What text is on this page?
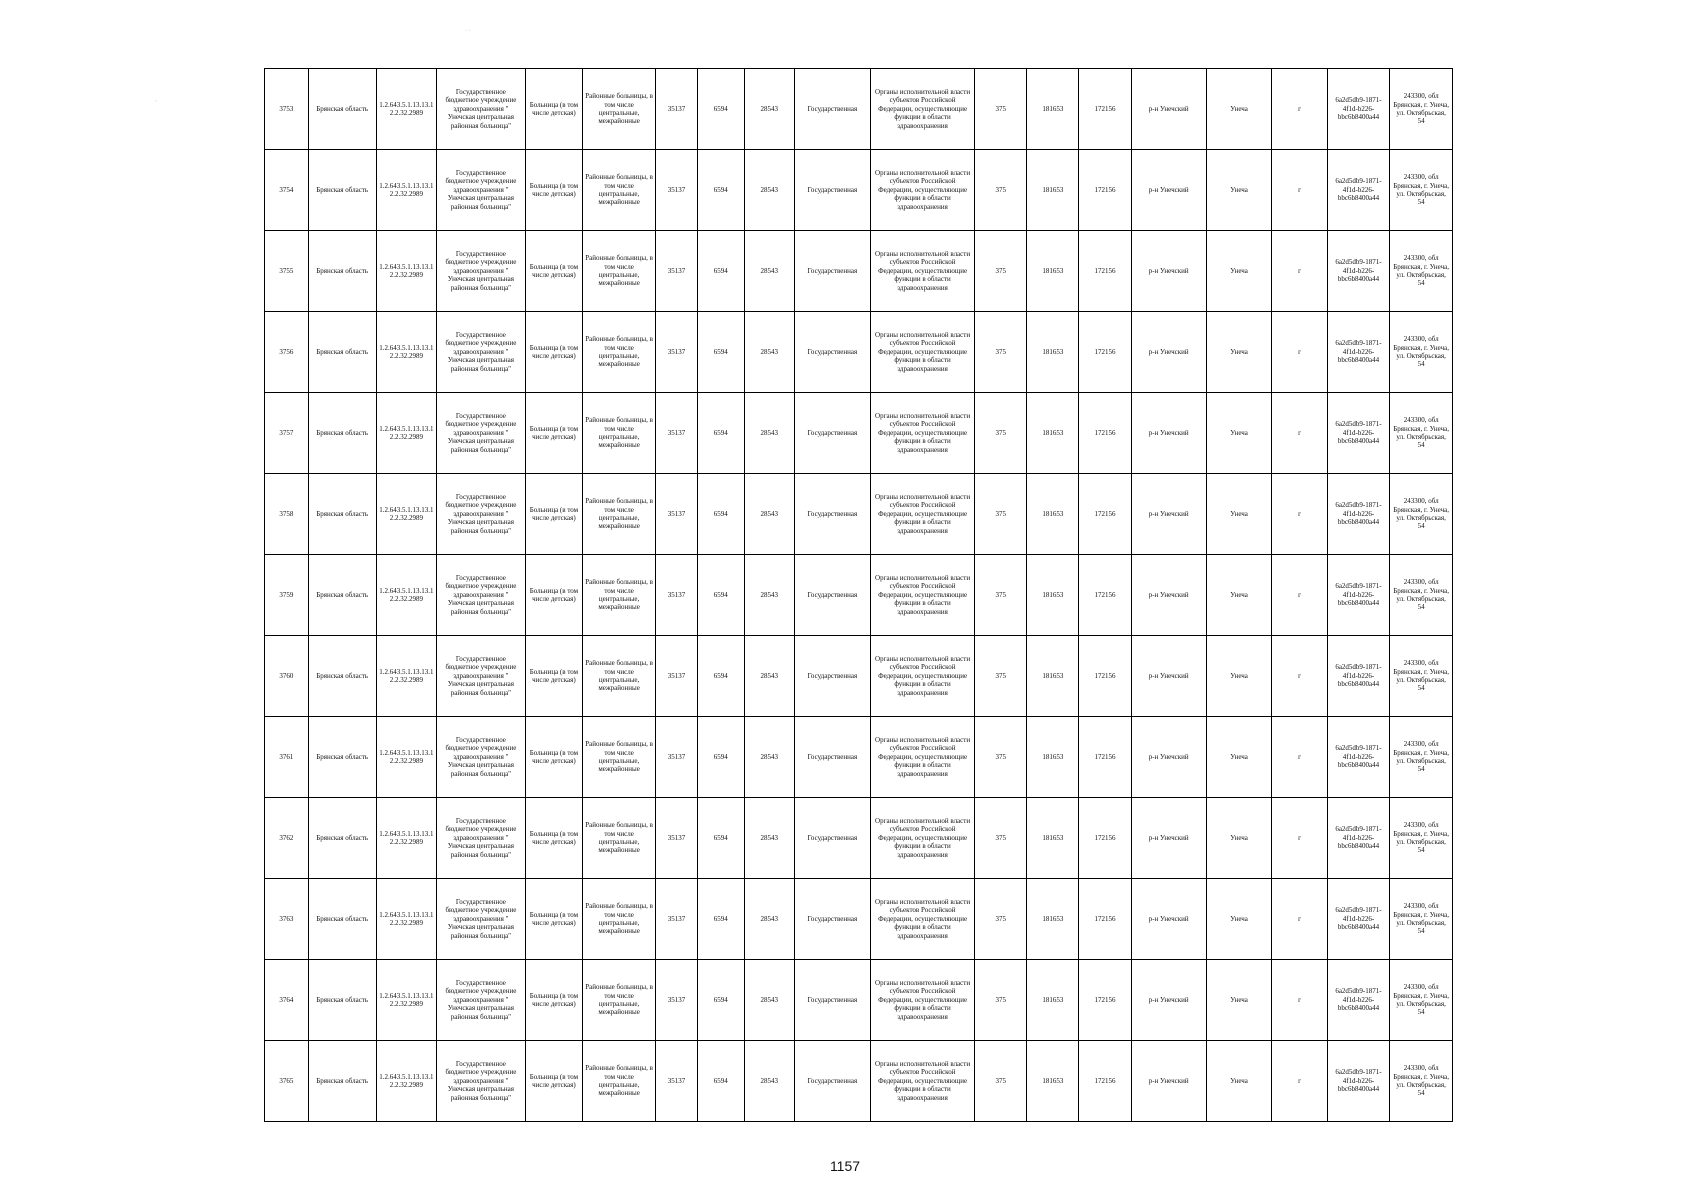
· ·
`
3753	Брянская область	1.2.643.5.1.13.13.12.2.32.2989	Государственное бюджетное учреждение здравоохранения " Унечская центральная районная больница"	Больница (в том числе детская)	Районные больницы, в том числе центральные, межрайонные	35137	6594	28543	Государственная	Органы исполнительной власти субъектов Российской Федерации, осуществляющие функции в области здравоохранения	375	181653	172156	р-н Унечский	Унеча	г	6a2d5db9-1871-4f1d-b226-bbc6b8400a44	243300, обл Брянская, г. Унеча, ул. Октябрьская, 54
3754	Брянская область	1.2.643.5.1.13.13.12.2.32.2989	Государственное бюджетное учреждение здравоохранения " Унечская центральная районная больница"	Больница (в том числе детская)	Районные больницы, в том числе центральные, межрайонные	35137	6594	28543	Государственная	Органы исполнительной власти субъектов Российской Федерации, осуществляющие функции в области здравоохранения	375	181653	172156	р-н Унечский	Унеча	г	6a2d5db9-1871-4f1d-b226-bbc6b8400a44	243300, обл Брянская, г. Унеча, ул. Октябрьская, 54
3755	Брянская область	1.2.643.5.1.13.13.12.2.32.2989	Государственное бюджетное учреждение здравоохранения " Унечская центральная районная больница"	Больница (в том числе детская)	Районные больницы, в том числе центральные, межрайонные	35137	6594	28543	Государственная	Органы исполнительной власти субъектов Российской Федерации, осуществляющие функции в области здравоохранения	375	181653	172156	р-н Унечский	Унеча	г	6a2d5db9-1871-4f1d-b226-bbc6b8400a44	243300, обл Брянская, г. Унеча, ул. Октябрьская, 54
3756	Брянская область	1.2.643.5.1.13.13.12.2.32.2989	Государственное бюджетное учреждение здравоохранения " Унечская центральная районная больница"	Больница (в том числе детская)	Районные больницы, в том числе центральные, межрайонные	35137	6594	28543	Государственная	Органы исполнительной власти субъектов Российской Федерации, осуществляющие функции в области здравоохранения	375	181653	172156	р-н Унечский	Унеча	г	6a2d5db9-1871-4f1d-b226-bbc6b8400a44	243300, обл Брянская, г. Унеча, ул. Октябрьская, 54
3757	Брянская область	1.2.643.5.1.13.13.12.2.32.2989	Государственное бюджетное учреждение здравоохранения " Унечская центральная районная больница"	Больница (в том числе детская)	Районные больницы, в том числе центральные, межрайонные	35137	6594	28543	Государственная	Органы исполнительной власти субъектов Российской Федерации, осуществляющие функции в области здравоохранения	375	181653	172156	р-н Унечский	Унеча	г	6a2d5db9-1871-4f1d-b226-bbc6b8400a44	243300, обл Брянская, г. Унеча, ул. Октябрьская, 54
3758	Брянская область	1.2.643.5.1.13.13.12.2.32.2989	Государственное бюджетное учреждение здравоохранения " Унечская центральная районная больница"	Больница (в том числе детская)	Районные больницы, в том числе центральные, межрайонные	35137	6594	28543	Государственная	Органы исполнительной власти субъектов Российской Федерации, осуществляющие функции в области здравоохранения	375	181653	172156	р-н Унечский	Унеча	г	6a2d5db9-1871-4f1d-b226-bbc6b8400a44	243300, обл Брянская, г. Унеча, ул. Октябрьская, 54
3759	Брянская область	1.2.643.5.1.13.13.12.2.32.2989	Государственное бюджетное учреждение здравоохранения " Унечская центральная районная больница"	Больница (в том числе детская)	Районные больницы, в том числе центральные, межрайонные	35137	6594	28543	Государственная	Органы исполнительной власти субъектов Российской Федерации, осуществляющие функции в области здравоохранения	375	181653	172156	р-н Унечский	Унеча	г	6a2d5db9-1871-4f1d-b226-bbc6b8400a44	243300, обл Брянская, г. Унеча, ул. Октябрьская, 54
3760	Брянская область	1.2.643.5.1.13.13.12.2.32.2989	Государственное бюджетное учреждение здравоохранения " Унечская центральная районная больница"	Больница (в том числе детская)	Районные больницы, в том числе центральные, межрайонные	35137	6594	28543	Государственная	Органы исполнительной власти субъектов Российской Федерации, осуществляющие функции в области здравоохранения	375	181653	172156	р-н Унечский	Унеча	г	6a2d5db9-1871-4f1d-b226-bbc6b8400a44	243300, обл Брянская, г. Унеча, ул. Октябрьская, 54
3761	Брянская область	1.2.643.5.1.13.13.12.2.32.2989	Государственное бюджетное учреждение здравоохранения " Унечская центральная районная больница"	Больница (в том числе детская)	Районные больницы, в том числе центральные, межрайонные	35137	6594	28543	Государственная	Органы исполнительной власти субъектов Российской Федерации, осуществляющие функции в области здравоохранения	375	181653	172156	р-н Унечский	Унеча	г	6a2d5db9-1871-4f1d-b226-bbc6b8400a44	243300, обл Брянская, г. Унеча, ул. Октябрьская, 54
3762	Брянская область	1.2.643.5.1.13.13.12.2.32.2989	Государственное бюджетное учреждение здравоохранения " Унечская центральная районная больница"	Больница (в том числе детская)	Районные больницы, в том числе центральные, межрайонные	35137	6594	28543	Государственная	Органы исполнительной власти субъектов Российской Федерации, осуществляющие функции в области здравоохранения	375	181653	172156	р-н Унечский	Унеча	г	6a2d5db9-1871-4f1d-b226-bbc6b8400a44	243300, обл Брянская, г. Унеча, ул. Октябрьская, 54
3763	Брянская область	1.2.643.5.1.13.13.12.2.32.2989	Государственное бюджетное учреждение здравоохранения " Унечская центральная районная больница"	Больница (в том числе детская)	Районные больницы, в том числе центральные, межрайонные	35137	6594	28543	Государственная	Органы исполнительной власти субъектов Российской Федерации, осуществляющие функции в области здравоохранения	375	181653	172156	р-н Унечский	Унеча	г	6a2d5db9-1871-4f1d-b226-bbc6b8400a44	243300, обл Брянская, г. Унеча, ул. Октябрьская, 54
3764	Брянская область	1.2.643.5.1.13.13.12.2.32.2989	Государственное бюджетное учреждение здравоохранения " Унечская центральная районная больница"	Больница (в том числе детская)	Районные больницы, в том числе центральные, межрайонные	35137	6594	28543	Государственная	Органы исполнительной власти субъектов Российской Федерации, осуществляющие функции в области здравоохранения	375	181653	172156	р-н Унечский	Унеча	г	6a2d5db9-1871-4f1d-b226-bbc6b8400a44	243300, обл Брянская, г. Унеча, ул. Октябрьская, 54
3765	Брянская область	1.2.643.5.1.13.13.12.2.32.2989	Государственное бюджетное учреждение здравоохранения " Унечская центральная районная больница"	Больница (в том числе детская)	Районные больницы, в том числе центральные, межрайонные	35137	6594	28543	Государственная	Органы исполнительной власти субъектов Российской Федерации, осуществляющие функции в области здравоохранения	375	181653	172156	р-н Унечский	Унеча	г	6a2d5db9-1871-4f1d-b226-bbc6b8400a44	243300, обл Брянская, г. Унеча, ул. Октябрьская, 54
1157
